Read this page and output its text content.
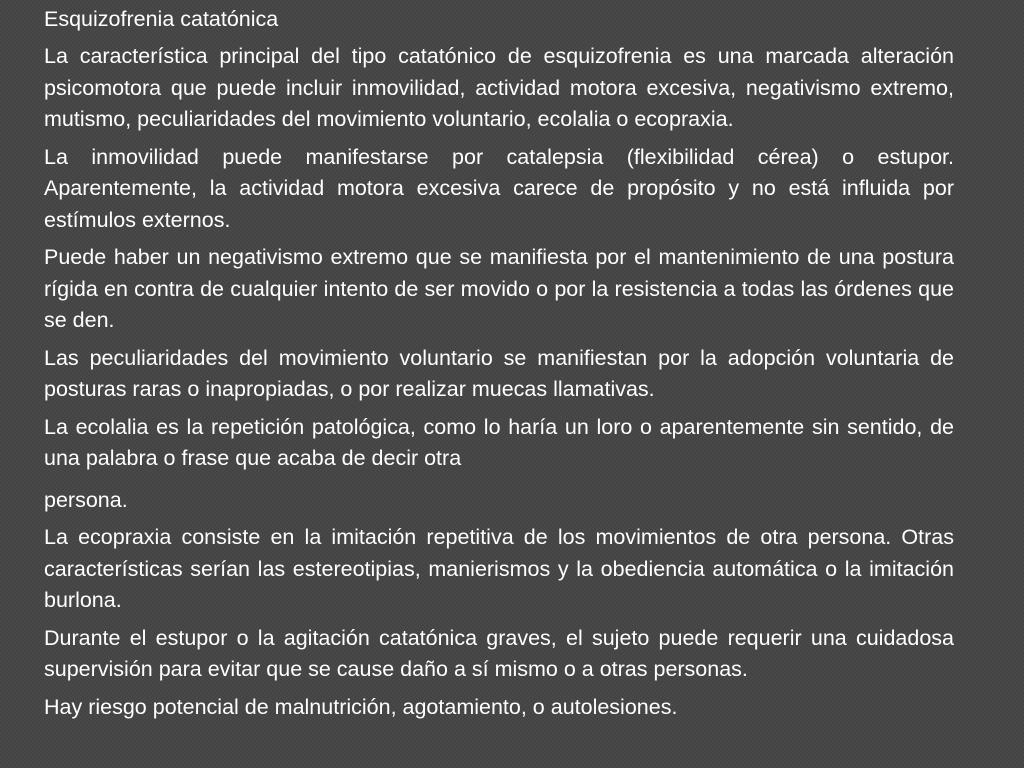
Esquizofrenia catatónica
La característica principal del tipo catatónico de esquizofrenia es una marcada alteración psicomotora que puede incluir inmovilidad, actividad motora excesiva, negativismo extremo, mutismo, peculiaridades del movimiento voluntario, ecolalia o ecopraxia.
La inmovilidad puede manifestarse por catalepsia (flexibilidad cérea) o estupor. Aparentemente, la actividad motora excesiva carece de propósito y no está influida por estímulos externos.
Puede haber un negativismo extremo que se manifiesta por el mantenimiento de una postura rígida en contra de cualquier intento de ser movido o por la resistencia a todas las órdenes que se den.
Las peculiaridades del movimiento voluntario se manifiestan por la adopción voluntaria de posturas raras o inapropiadas, o por realizar muecas llamativas.
La ecolalia es la repetición patológica, como lo haría un loro o aparentemente sin sentido, de una palabra o frase que acaba de decir otra
persona.
La ecopraxia consiste en la imitación repetitiva de los movimientos de otra persona. Otras características serían las estereotipias, manierismos y la obediencia automática o la imitación burlona.
Durante el estupor o la agitación catatónica graves, el sujeto puede requerir una cuidadosa supervisión para evitar que se cause daño a sí mismo o a otras personas.
Hay riesgo potencial de malnutrición, agotamiento, o autolesiones.
